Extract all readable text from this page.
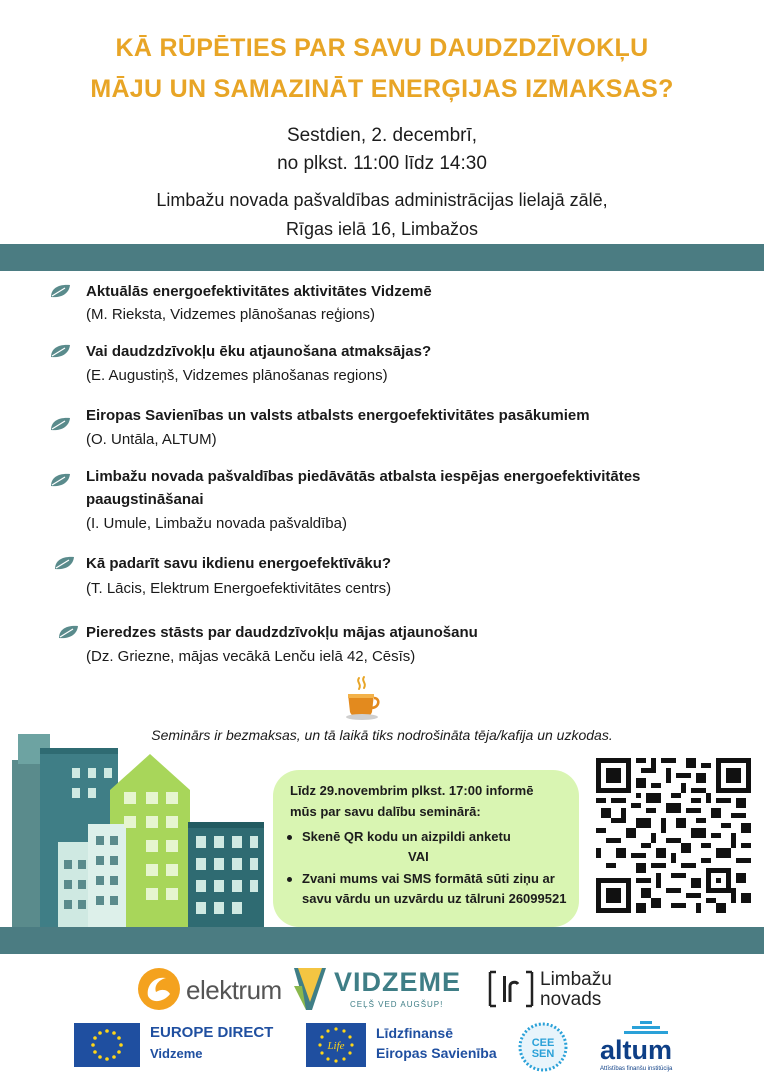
KĀ RŪPĒTIES PAR SAVU DAUDZDZĪVOKĻU
MĀJU UN SAMAZINĀT ENERĢIJAS IZMAKSAS?
Sestdien, 2. decembrī,
no plkst. 11:00 līdz 14:30
Limbažu novada pašvaldības administrācijas lielajā zālē,
Rīgas ielā 16, Limbažos
Aktuālās energoefektivitātes aktivitātes Vidzemē
(M. Rieksta, Vidzemes plānošanas reģions)
Vai daudzdzīvokļu ēku atjaunošana atmaksājas?
(E. Augustiņš, Vidzemes plānošanas regions)
Eiropas Savienības un valsts atbalsts energoefektivitātes pasākumiem
(O. Untāla, ALTUM)
Limbažu novada pašvaldības piedāvātās atbalsta iespējas energoefektivitātes
paaugstināšanai
(I. Umule, Limbažu novada pašvaldība)
Kā padarīt savu ikdienu energoefektīvāku?
(T. Lācis, Elektrum Energoefektivitātes centrs)
Pieredzes stāsts par daudzdzīvokļu mājas atjaunošanu
(Dz. Griezne, mājas vecākā Lenču ielā 42, Cēsīs)
Seminārs ir bezmaksas, un tā laikā tiks nodrošināta tēja/kafija un uzkodas.
Līdz 29.novembrim plkst. 17:00 informē
mūs par savu dalību seminārā:
Skenē QR kodu un aizpildi anketu
VAI
Zvani mums vai SMS formātā sūti ziņu ar
savu vārdu un uzvārdu uz tālruni 26099521
elektrum VIDZEME
CEĻŠ VED AUGŠUP!
Limbažu
novads
EUROPE DIRECT
Vidzeme	Life
Līdzfinansē
Eiropas Savienība
CEE
SEN altum
Attīstības finanšu institūcija
